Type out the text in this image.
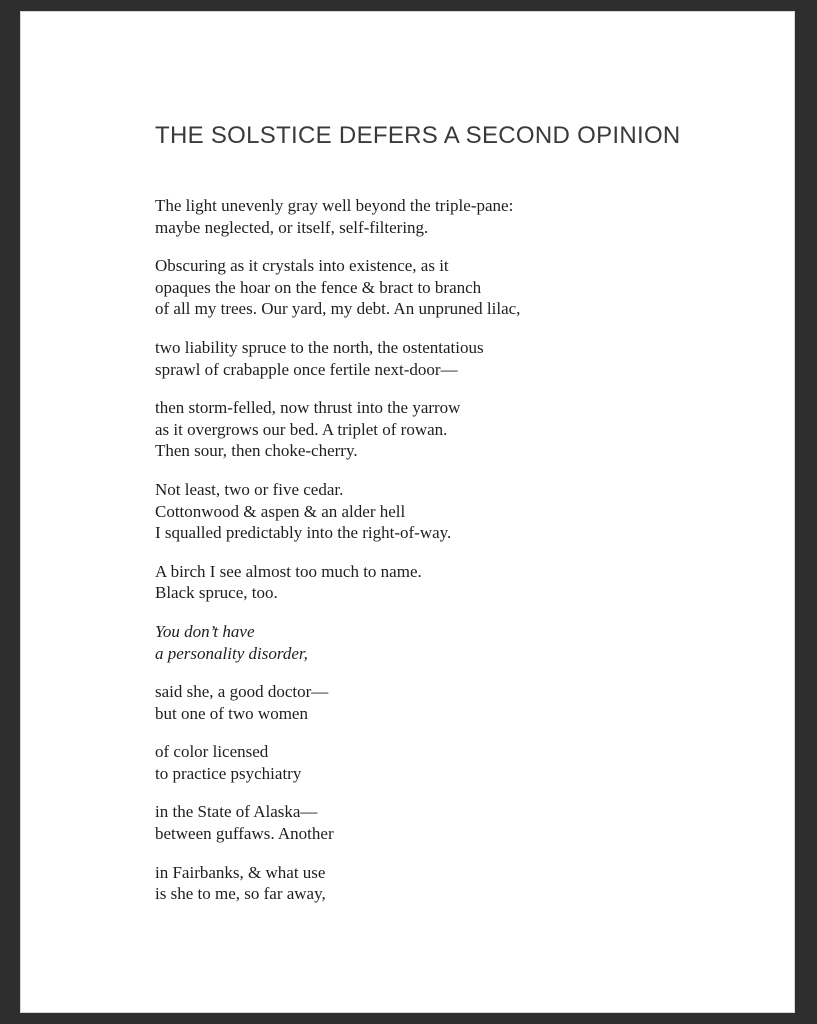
THE SOLSTICE DEFERS A SECOND OPINION

The light unevenly gray well beyond the triple-pane:
maybe neglected, or itself, self-filtering.

Obscuring as it crystals into existence, as it
opaques the hoar on the fence & bract to branch
of all my trees. Our yard, my debt. An unpruned lilac,

two liability spruce to the north, the ostentatious
sprawl of crabapple once fertile next-door—

then storm-felled, now thrust into the yarrow
as it overgrows our bed. A triplet of rowan.
Then sour, then choke-cherry.

Not least, two or five cedar.
Cottonwood & aspen & an alder hell
I squalled predictably into the right-of-way.

A birch I see almost too much to name.
Black spruce, too.

You don’t have
a personality disorder,

said she, a good doctor—
but one of two women

of color licensed
to practice psychiatry

in the State of Alaska—
between guffaws. Another

in Fairbanks, & what use
is she to me, so far away,
